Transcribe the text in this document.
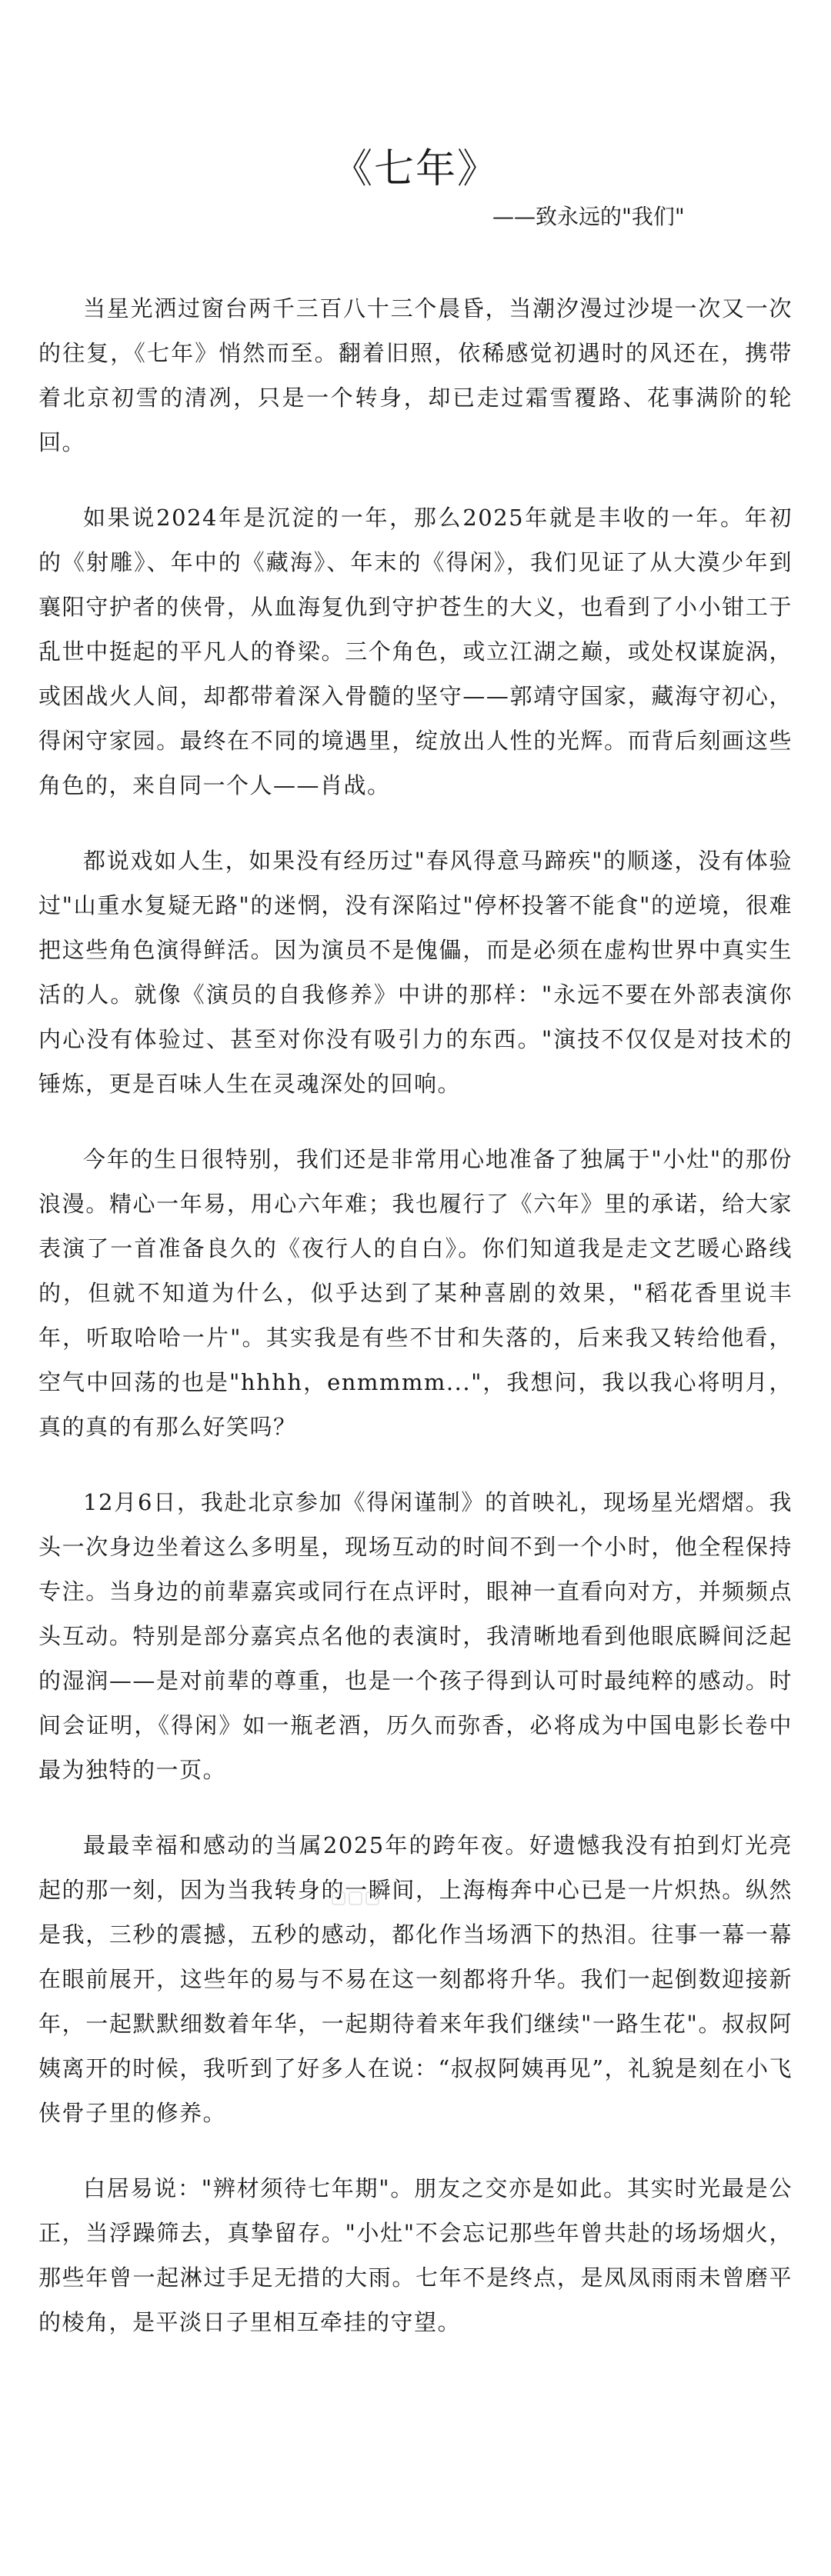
《七年》
——致永远的"我们"

当星光洒过窗台两千三百八十三个晨昏，当潮汐漫过沙堤一次又一次的往复，《七年》悄然而至。翻着旧照，依稀感觉初遇时的风还在，携带着北京初雪的清冽，只是一个转身，却已走过霜雪覆路、花事满阶的轮回。

如果说2024年是沉淀的一年，那么2025年就是丰收的一年。年初的《射雕》、年中的《藏海》、年末的《得闲》，我们见证了从大漠少年到襄阳守护者的侠骨，从血海复仇到守护苍生的大义，也看到了小小钳工于乱世中挺起的平凡人的脊梁。三个角色，或立江湖之巅，或处权谋旋涡，或困战火人间，却都带着深入骨髓的坚守——郭靖守国家，藏海守初心，得闲守家园。最终在不同的境遇里，绽放出人性的光辉。而背后刻画这些角色的，来自同一个人——肖战。

都说戏如人生，如果没有经历过"春风得意马蹄疾"的顺遂，没有体验过"山重水复疑无路"的迷惘，没有深陷过"停杯投箸不能食"的逆境，很难把这些角色演得鲜活。因为演员不是傀儡，而是必须在虚构世界中真实生活的人。就像《演员的自我修养》中讲的那样："永远不要在外部表演你内心没有体验过、甚至对你没有吸引力的东西。"演技不仅仅是对技术的锤炼，更是百味人生在灵魂深处的回响。

今年的生日很特别，我们还是非常用心地准备了独属于"小灶"的那份浪漫。精心一年易，用心六年难；我也履行了《六年》里的承诺，给大家表演了一首准备良久的《夜行人的自白》。你们知道我是走文艺暖心路线的，但就不知道为什么，似乎达到了某种喜剧的效果，"稻花香里说丰年，听取哈哈一片"。其实我是有些不甘和失落的，后来我又转给他看，空气中回荡的也是"hhhh，enmmmm..."，我想问，我以我心将明月，真的真的有那么好笑吗？

12月6日，我赴北京参加《得闲谨制》的首映礼，现场星光熠熠。我头一次身边坐着这么多明星，现场互动的时间不到一个小时，他全程保持专注。当身边的前辈嘉宾或同行在点评时，眼神一直看向对方，并频频点头互动。特别是部分嘉宾点名他的表演时，我清晰地看到他眼底瞬间泛起的湿润——是对前辈的尊重，也是一个孩子得到认可时最纯粹的感动。时间会证明，《得闲》如一瓶老酒，历久而弥香，必将成为中国电影长卷中最为独特的一页。

最最幸福和感动的当属2025年的跨年夜。好遗憾我没有拍到灯光亮起的那一刻，因为当我转身的一瞬间，上海梅奔中心已是一片炽热。纵然是我，三秒的震撼，五秒的感动，都化作当场洒下的热泪。往事一幕一幕在眼前展开，这些年的易与不易在这一刻都将升华。我们一起倒数迎接新年，一起默默细数着年华，一起期待着来年我们继续"一路生花"。叔叔阿姨离开的时候，我听到了好多人在说：“叔叔阿姨再见”，礼貌是刻在小飞侠骨子里的修养。

白居易说："辨材须待七年期"。朋友之交亦是如此。其实时光最是公正，当浮躁筛去，真挚留存。"小灶"不会忘记那些年曾共赴的场场烟火，那些年曾一起淋过手足无措的大雨。七年不是终点，是凤凤雨雨未曾磨平的棱角，是平淡日子里相互牵挂的守望。
